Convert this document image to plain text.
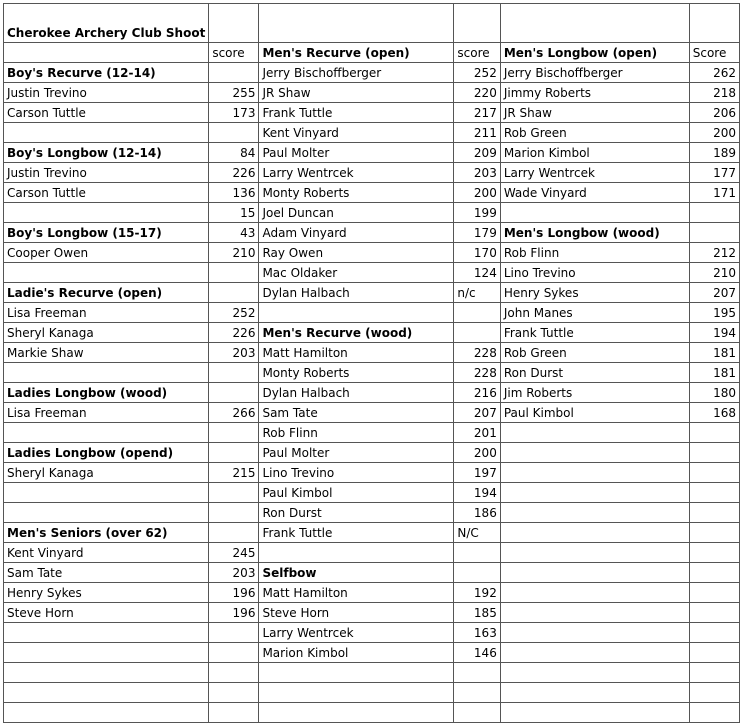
Cherokee Archery Club Shoot					
	score	Men's Recurve (open)	score	Men's Longbow (open)	Score
Boy's Recurve (12-14)		Jerry Bischoffberger	252	Jerry Bischoffberger	262
Justin Trevino	255	JR Shaw	220	Jimmy Roberts	218
Carson Tuttle	173	Frank Tuttle	217	JR Shaw	206
		Kent Vinyard	211	Rob Green	200
Boy's Longbow (12-14)	84	Paul Molter	209	Marion Kimbol	189
Justin Trevino	226	Larry Wentrcek	203	Larry Wentrcek	177
Carson Tuttle	136	Monty Roberts	200	Wade Vinyard	171
	15	Joel Duncan	199		
Boy's Longbow (15-17)	43	Adam Vinyard	179	Men's Longbow (wood)	
Cooper Owen	210	Ray Owen	170	Rob Flinn	212
		Mac Oldaker	124	Lino Trevino	210
Ladie's Recurve (open)		Dylan Halbach	n/c	Henry Sykes	207
Lisa Freeman	252			John Manes	195
Sheryl Kanaga	226	Men's Recurve (wood)		Frank Tuttle	194
Markie Shaw	203	Matt Hamilton	228	Rob Green	181
		Monty Roberts	228	Ron Durst	181
Ladies Longbow (wood)		Dylan Halbach	216	Jim Roberts	180
Lisa Freeman	266	Sam Tate	207	Paul Kimbol	168
		Rob Flinn	201		
Ladies Longbow (opend)		Paul Molter	200		
Sheryl Kanaga	215	Lino Trevino	197		
		Paul Kimbol	194		
		Ron Durst	186		
Men's Seniors (over 62)		Frank Tuttle	N/C		
Kent Vinyard	245				
Sam Tate	203	Selfbow			
Henry Sykes	196	Matt Hamilton	192		
Steve Horn	196	Steve Horn	185		
		Larry Wentrcek	163		
		Marion Kimbol	146		
